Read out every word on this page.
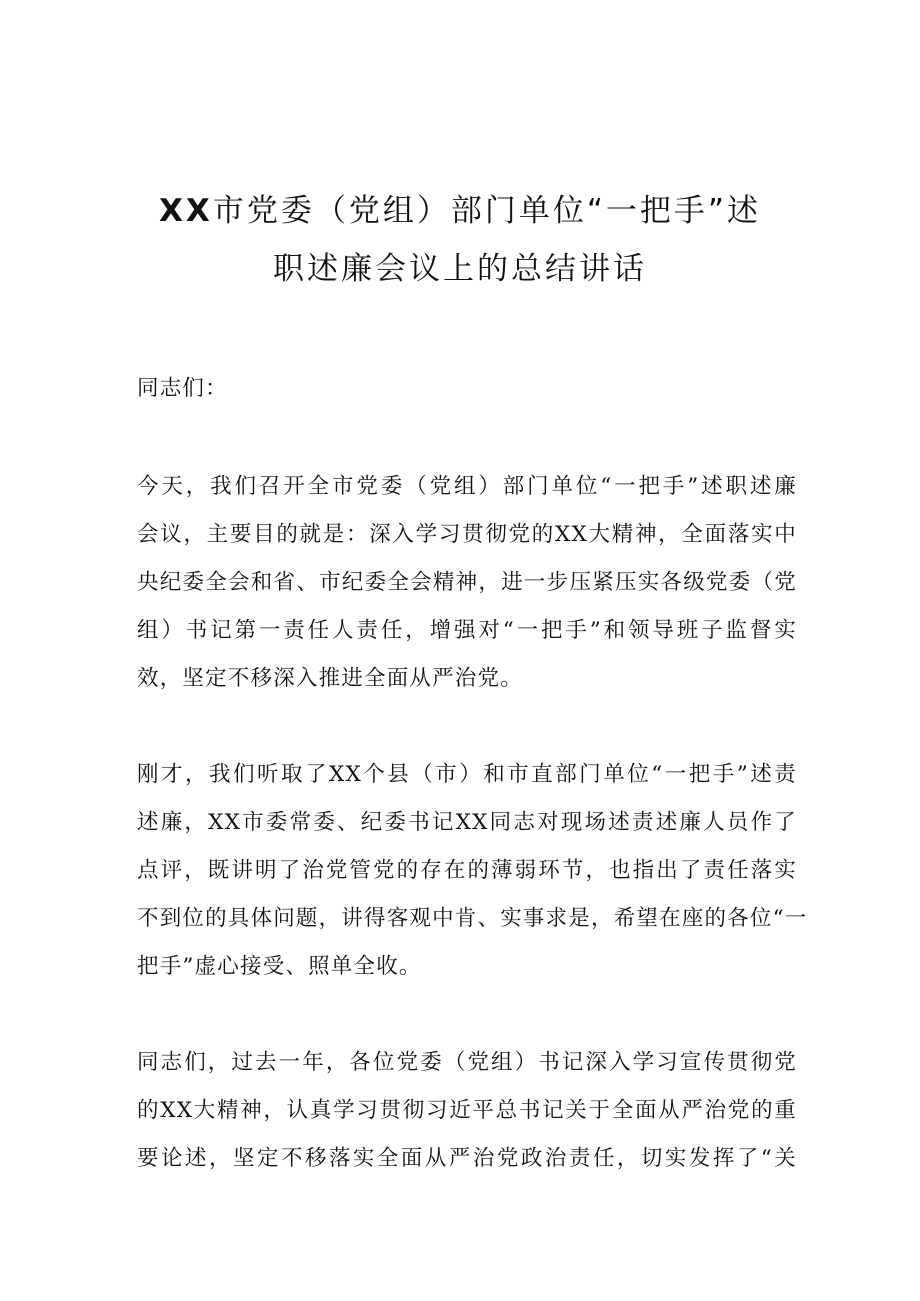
XX市党委（党组）部门单位“一把手”述
职述廉会议上的总结讲话

同志们：

今天，我们召开全市党委（党组）部门单位“一把手”述职述廉

会议，主要目的就是：深入学习贯彻党的XX大精神，全面落实中

央纪委全会和省、市纪委全会精神，进一步压紧压实各级党委（党

组）书记第一责任人责任，增强对“一把手”和领导班子监督实

效，坚定不移深入推进全面从严治党。

刚才，我们听取了XX个县（市）和市直部门单位“一把手”述责

述廉，XX市委常委、纪委书记XX同志对现场述责述廉人员作了

点评，既讲明了治党管党的存在的薄弱环节，也指出了责任落实

不到位的具体问题，讲得客观中肯、实事求是，希望在座的各位“一

把手”虚心接受、照单全收。

同志们，过去一年，各位党委（党组）书记深入学习宣传贯彻党

的XX大精神，认真学习贯彻习近平总书记关于全面从严治党的重

要论述，坚定不移落实全面从严治党政治责任，切实发挥了“关
